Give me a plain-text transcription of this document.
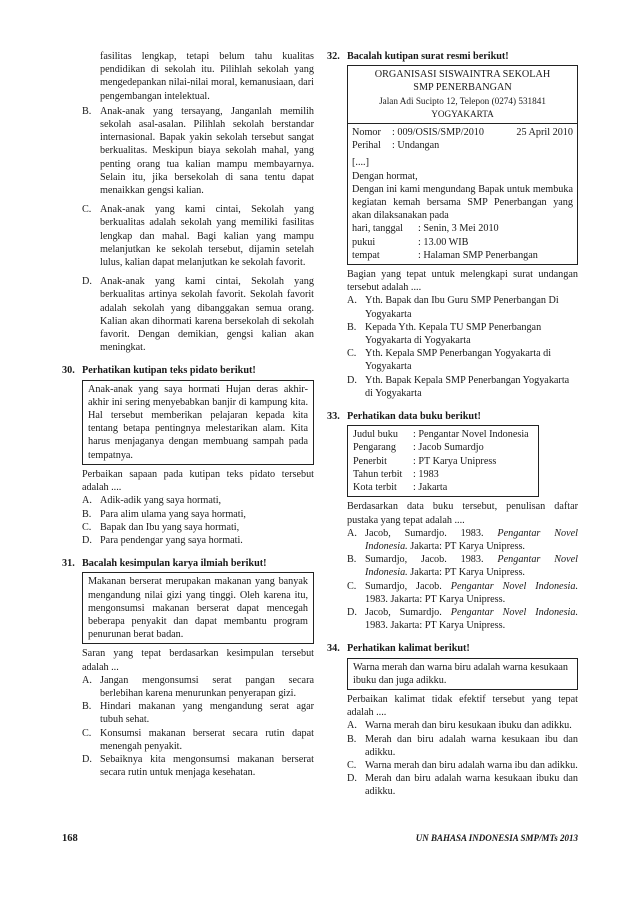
fasilitas lengkap, tetapi belum tahu kualitas pendidikan di sekolah itu. Pilihlah sekolah yang mengedepankan nilai-nilai moral, kemanusiaan, dari pengembangan intelektual.
B. Anak-anak yang tersayang, Janganlah memilih sekolah asal-asalan. Pilihlah sekolah berstandar internasional. Bapak yakin sekolah tersebut sangat berkualitas. Meskipun biaya sekolah mahal, yang penting orang tua kalian mampu membayarnya. Selain itu, jika bersekolah di sana tentu dapat menaikkan gengsi kalian.
C. Anak-anak yang kami cintai, Sekolah yang berkualitas adalah sekolah yang memiliki fasilitas lengkap dan mahal. Bagi kalian yang mampu melanjutkan ke sekolah tersebut, dijamin setelah lulus, kalian dapat melanjutkan ke sekolah favorit.
D. Anak-anak yang kami cintai, Sekolah yang berkualitas artinya sekolah favorit. Sekolah favorit adalah sekolah yang dibanggakan semua orang. Kalian akan dihormati karena bersekolah di sekolah favorit. Dengan demikian, gengsi kalian akan meningkat.
30. Perhatikan kutipan teks pidato berikut!
Anak-anak yang saya hormati Hujan deras akhir-akhir ini sering menyebabkan banjir di kampung kita. Hal tersebut memberikan pelajaran kepada kita tentang betapa pentingnya melestarikan alam. Kita harus menjaganya dengan membuang sampah pada tempatnya.
Perbaikan sapaan pada kutipan teks pidato tersebut adalah ....
A. Adik-adik yang saya hormati,
B. Para alim ulama yang saya hormati,
C. Bapak dan Ibu yang saya hormati,
D. Para pendengar yang saya hormati.
31. Bacalah kesimpulan karya ilmiah berikut!
Makanan berserat merupakan makanan yang banyak mengandung nilai gizi yang tinggi. Oleh karena itu, mengonsumsi makanan berserat dapat mencegah beberapa penyakit dan dapat membantu program penurunan berat badan.
Saran yang tepat berdasarkan kesimpulan tersebut adalah ...
A. Jangan mengonsumsi serat pangan secara berlebihan karena menurunkan penyerapan gizi.
B. Hindari makanan yang mengandung serat agar tubuh sehat.
C. Konsumsi makanan berserat secara rutin dapat menengah penyakit.
D. Sebaiknya kita mengonsumsi makanan berserat secara rutin untuk menjaga kesehatan.
32. Bacalah kutipan surat resmi berikut!
ORGANISASI SISWAINTRA SEKOLAH SMP PENERBANGAN
Jalan Adi Sucipto 12, Telepon (0274) 531841
YOGYAKARTA
Nomor	: 009/OSIS/SMP/2010	25 April 2010
Perihal : Undangan
[....]
Dengan hormat,
Dengan ini kami mengundang Bapak untuk membuka kegiatan kemah bersama SMP Penerbangan yang akan dilaksanakan pada
hari, tanggal	: Senin, 3 Mei 2010
pukui	: 13.00 WIB
tempat	: Halaman SMP Penerbangan
Bagian yang tepat untuk melengkapi surat undangan tersebut adalah ....
A. Yth. Bapak dan Ibu Guru SMP Penerbangan Di Yogyakarta
B. Kepada Yth. Kepala TU SMP Penerbangan Yogyakarta di Yogyakarta
C. Yth. Kepala SMP Penerbangan Yogyakarta di Yogyakarta
D. Yth. Bapak Kepala SMP Penerbangan Yogyakarta di Yogyakarta
33. Perhatikan data buku berikut!
Judul buku	: Pengantar Novel Indonesia
Pengarang	: Jacob Sumardjo
Penerbit	: PT Karya Unipress
Tahun terbit	: 1983
Kota terbit	: Jakarta
Berdasarkan data buku tersebut, penulisan daftar pustaka yang tepat adalah ....
A. Jacob, Sumardjo. 1983. Pengantar Novel Indonesia. Jakarta: PT Karya Unipress.
B. Sumardjo, Jacob. 1983. Pengantar Novel Indonesia. Jakarta: PT Karya Unipress.
C. Sumardjo, Jacob. Pengantar Novel Indonesia. 1983. Jakarta: PT Karya Unipress.
D. Jacob, Sumardjo. Pengantar Novel Indonesia. 1983. Jakarta: PT Karya Unipress.
34. Perhatikan kalimat berikut!
Warna merah dan warna biru adalah warna kesukaan ibuku dan juga adikku.
Perbaikan kalimat tidak efektif tersebut yang tepat adalah ....
A. Warna merah dan biru kesukaan ibuku dan adikku.
B. Merah dan biru adalah warna kesukaan ibu dan adikku.
C. Warna merah dan biru adalah warna ibu dan adikku.
D. Merah dan biru adalah warna kesukaan ibuku dan adikku.
168	UN BAHASA INDONESIA SMP/MTs 2013
